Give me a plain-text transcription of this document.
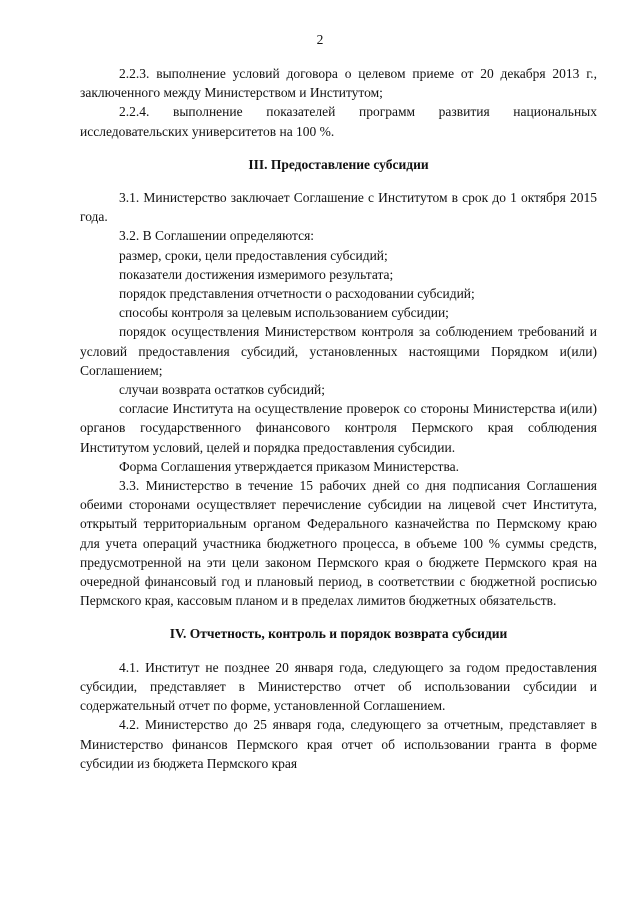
2

2.2.3. выполнение условий договора о целевом приеме от 20 декабря 2013 г., заключенного между Министерством и Институтом;

2.2.4. выполнение показателей программ развития национальных исследовательских университетов на 100 %.

III. Предоставление субсидии

3.1. Министерство заключает Соглашение с Институтом в срок до 1 октября 2015 года.

3.2. В Соглашении определяются:

размер, сроки, цели предоставления субсидий;

показатели достижения измеримого результата;

порядок представления отчетности о расходовании субсидий;

способы контроля за целевым использованием субсидии;

порядок осуществления Министерством контроля за соблюдением требований и условий предоставления субсидий, установленных настоящими Порядком и(или) Соглашением;

случаи возврата остатков субсидий;

согласие Института на осуществление проверок со стороны Министерства и(или) органов государственного финансового контроля Пермского края соблюдения Институтом условий, целей и порядка предоставления субсидии.

Форма Соглашения утверждается приказом Министерства.

3.3. Министерство в течение 15 рабочих дней со дня подписания Соглашения обеими сторонами осуществляет перечисление субсидии на лицевой счет Института, открытый территориальным органом Федерального казначейства по Пермскому краю для учета операций участника бюджетного процесса, в объеме 100 % суммы средств, предусмотренной на эти цели законом Пермского края о бюджете Пермского края на очередной финансовый год и плановый период, в соответствии с бюджетной росписью Пермского края, кассовым планом и в пределах лимитов бюджетных обязательств.

IV. Отчетность, контроль и порядок возврата субсидии

4.1. Институт не позднее 20 января года, следующего за годом предоставления субсидии, представляет в Министерство отчет об использовании субсидии и содержательный отчет по форме, установленной Соглашением.

4.2. Министерство до 25 января года, следующего за отчетным, представляет в Министерство финансов Пермского края отчет об использовании гранта в форме субсидии из бюджета Пермского края
